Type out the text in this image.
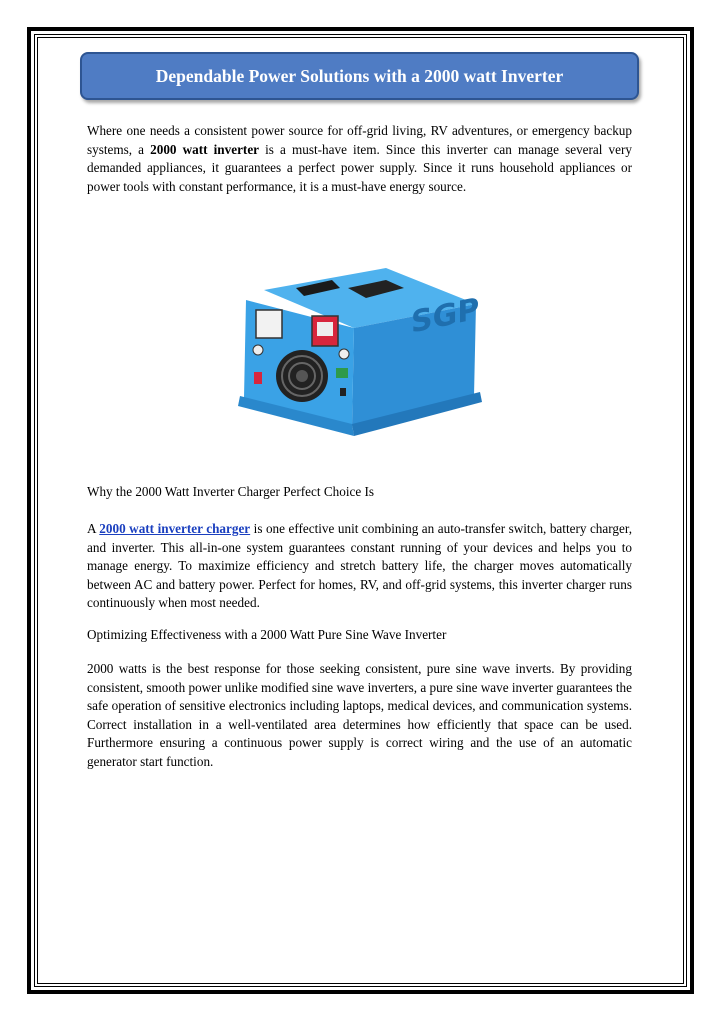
Dependable Power Solutions with a 2000 watt Inverter

Where one needs a consistent power source for off-grid living, RV adventures, or emergency backup systems, a 2000 watt inverter is a must-have item. Since this inverter can manage several very demanded appliances, it guarantees a perfect power supply. Since it runs household appliances or power tools with constant performance, it is a must-have energy source.

SGP

Why the 2000 Watt Inverter Charger Perfect Choice Is

A 2000 watt inverter charger is one effective unit combining an auto-transfer switch, battery charger, and inverter. This all-in-one system guarantees constant running of your devices and helps you to manage energy. To maximize efficiency and stretch battery life, the charger moves automatically between AC and battery power. Perfect for homes, RV, and off-grid systems, this inverter charger runs continuously when most needed.

Optimizing Effectiveness with a 2000 Watt Pure Sine Wave Inverter

2000 watts is the best response for those seeking consistent, pure sine wave inverts. By providing consistent, smooth power unlike modified sine wave inverters, a pure sine wave inverter guarantees the safe operation of sensitive electronics including laptops, medical devices, and communication systems. Correct installation in a well-ventilated area determines how efficiently that space can be used. Furthermore ensuring a continuous power supply is correct wiring and the use of an automatic generator start function.
